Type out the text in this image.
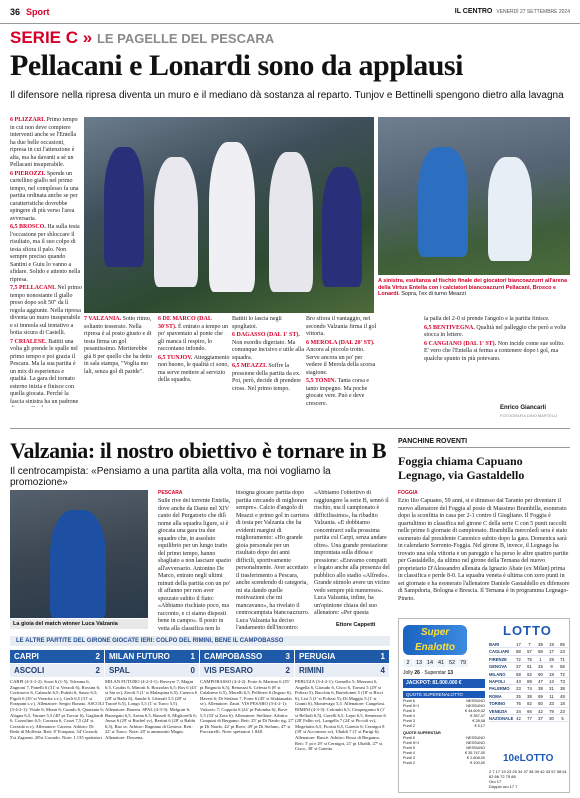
36 Sport	IL CENTRO VENERDÌ 27 SETTEMBRE 2024
SERIE C » LE PAGELLE DEL PESCARA
Pellacani e Lonardi sono da applausi
Il difensore nella ripresa diventa un muro e il mediano dà sostanza al reparto. Tunjov e Bettinelli spengono dietro alla lavagna

6 PLIZZARI. Primo tempo in cui non deve compiere interventi anche se l'Entella ha due belle occasioni, ripresa in cui l'attenzione è alta, ma ha davanti a sé un Pellacani insuperabile.

6 PIEROZZI. Spende un cartellino giallo nel primo tempo, nel complesso fa una partita ordinata anche se per caratteristiche dovrebbe spingere di più verso l'area avversaria.

6,5 BROSCO. Ha sulla testa l'occasione per sbloccare il risultato, ma il suo colpo di testa sfiora il palo. Non sempre preciso quando Santini e Guiu lo vanno a sfidare. Solido e attento nella ripresa.

7,5 PELLACANI. Nel primo tempo nonostante il giallo preso dopo soli 50'' da lì regola aggiunte. Nella ripresa diventa un muro insuperabile e si immola sul tentativo a botta sicura di Castelli.

7 CRIALESE. Battiti una volta gli prende le spalle nel primo tempo e poi grazia il Pescara. Ma la sua partita è un mix di esperienza e qualità. La gara del tornato esterno inizia e finisce con quella giocata. Perché la fascia sinistra ha un padrone

A sinistra, esultanza al fischio finale dei giocatori biancoazzurri all'arena della Virtus Entella con i calciatori biancoazzurri Pellacani, Brosco e Lonardi. Sopra, l'ex di turno Meazzi

7 VALZANIA. Sotto ritmo, soltanto tesserato. Nella ripresa è al posto giusto e di testa firma un gol pesantissimo. Meriterebbe già 8 per quello che ha detto in sala stampa, "Voglia mo lali, senza gol di paride".

6 DE MARCO (DAL 30'ST). È entrato a tempo un po' spaventato al ponte che gli manca il respiro, lo raccontano infondo.

6,5 TUNJOV. Atteggiamento non buono, le qualità ci sono, ma serve mettere al servizio della squadra.

Battiti lo lascia negli spogliatoi.

6 DAGASSO (DAL 1' ST). Non esordio digeriato. Ma comunque incisivo e utile alla squadra.

6,5 MEAZZI. Soffre la pressione della partita da ex. Poi, però, decide di prendere cross. Nel primo tempo.

Bro sfiora il vantaggio, nel secondo Valzania firma il gol vittoria.

6 MEROLA (DAL 20' ST). Ancora al piccolo trotto. Serve ancora un po' per vedere il Merola della scorsa stagione.

5,5 TONIN. Tanta corsa e tanto impegno. Ma poche giocate vere. Può e deve crescere.

la palla del 2-0 si prende l'angolo e la partita finisce.

6,5 BENTIVEGNA. Qualità nel palleggio che però a volte stocca in lettere.

6 CANGIANO (DAL 1' ST). Non incide come sue solito. E' vero che l'Entella si ferma a contenere dopo i gol, ma qualche spunto in più potevano.

Enrico Giancarli
FOTOGRAFIA DINO MARTELLI
Valzania: il nostro obiettivo è tornare in B
Il centrocampista: «Pensiamo a una partita alla volta, ma noi vogliamo la promozione»
La gioia del match winner Luca Valzania
PESCARA
Sulle rive del torrente Entella, dove anche da Dante nel XIV canto del Purgatorio che dilì nome alla squadra ligure, si è giocata una gara tra due squadre che, in assoluto equilibrio per un lungo tratto del primo tempo, hanno sbagliato a non lasciare spazio all'avversario. Antonino De Marco, entrato negli ultimi minuti della partita con un po' di affanno per non aver spezzato subito il fiato: «Abbiamo rischiato poco, ma racconto, e ci siamo disposti bene in campo». Il posto in vetta alla classifica non lo
bisogna giocare partita dopo partita cercando di migliorare sempre». Calcio d'angolo di Meazzi e primo gol in carriera di testa per Valzania che ha evidenti margini di miglioramento: «Ho grande gioia personale per un risultato dopo dei anni difficili, sportivamente personalmente. Aver accettato il trasferimento a Pescara, anche scendendo di categoria, mi sta dando quelle motivazioni che mi mancavano», ha rivelato il centrocampista biancoazzurro. Luca Valzania ha deciso l'andamento dell'incontro:
«Abbiamo l'obiettivo di raggiungere la serie B, sennò il rischio, ma il campionato è difficilissimo», ha ribadito Valzania. «E dobbiamo concentrarci sulla prossima partita col Carpi, senza andare oltre». Una grande prestazione improntata sulla difesa e pressione: «Eravamo compatti e legato anche alla presenza del pubblico allo stadio «Alfredo». Grande stimolo avere un vicino vedo sempre più numeroso». Luca Valzania, infine, ha un'opinione chiara del suo allenatore: «Per questa
Ettore Cappetti
PANCHINE ROVENTI
Foggia chiama Capuano Legnago, via Gastaldello
FOGGIA
Ezio Ilio Capuano, 59 anni, si è dimesso dal Taranto per diventare il nuovo allenatore del Foggia al posto di Massimo Brambilla, esonerato dopo la sconfitta in casa per 2-1 contro il Giugliano. Il Foggia è quartultimo in classifica nel girone C della serie C con 5 punti raccolti nelle prime 6 giornate di campionato. Brambilla mercoledì sera è stato esonerato dal presidente Canonico subito dopo la gara. Domenica sarà in calendario Sorrento-Foggia. Nel girone B, invece, il Legnago ha trovato una sola vittoria e un pareggio e ha perso le altre quattro partite per Gastaldello, da ultimo nel girone della Ternana del nuovo proprietario D'Alessandro allenata da Ignazio Abate (ex Milan) prima in classifica e perde 8-0. La squadra veneta è ultima con zero punti in sei giornate e ha esonerato l'allenatore Daniele Gastaldello ex difensore di Sampdoria, Bologna e Brescia. Il Ternana è in programma Legnago-Pineto.
LE ALTRE PARTITE DEL GIRONE GIOCATE IERI: COLPO DEL RIMINI, BENE IL CAMPOBASSO
CARPI	2
ASCOLI	2
CARPI (4-3-1-2): Sorzi 6 (1-5), Tcheuna 6, Zagnoni 7, Panelli 6 (31' st Vezzoli 6), Rossini 6; Cortinovis 6, Calanchi 6,5; Puletti 6; Sauro 6,5; Figoli 6 (35' st Veracka s.v.), Gerli 6,5 (31' st Forapani s.v.). Allenatore: Sergio Bonato. ASCOLI (3-4-2-1): Vitale 6; Monti 6; Curado 6, Quaranta 6; Alagna 6,5, Varone 5,5 (40' pt Tavcar 6), Gagliardi 6, Cozzolino 6,5; Corazza 6, Cozzi 7,5 (24' st Corrado n.v). Allenatore: Carrera. Arbitro: Di Reda di Molfetta. Reti: 8' Forapani, 34' Cozzoli, 5'st Zagnoni, 28'st Corrado. Note: 1.135 spettatori.
MILAN FUTURO	1
SPAL	0
MILAN FUTURO (4-2-3-1): Raveyre 7; Magni 6.5, Coubis 6, Minotti 6, Bozzolan 6,5; Ros 6 (43' st Sia sv), Zeroli 5 (1' st Malaspina 6,5), Cuenca 6 (28' st Rafia 6), Sandri 6. Liberali 5,5 (28' st Traoré 6,5), Longo 5,5 (1' st Turco 5.5). Allenatore: Bonera. SPAL (4-3-3): Melgrati 6; Bassegato 6,5, Arena 6,5, Bassoli 6, Migliorelli 6; Awua 6 (29' st Buchel sv), Bertini 6 (28' st Rabbi 6,5), Rao sv. Arbitro: Ragnano di Genova. Reti: 22' st Turco. Note: 28' st ammonito Magni. Allenatore: Dossena.
CAMPOBASSO	3
VIS PESARO	2
CAMPOBASSO (4-4-2): Forte 6; Martino 6 (35' pt Brignola 6,5), Benassai 6, Celesia 6 (8' st Calabrese 6,5), Morelli 6,5, Pellitteri 6 (Ingrao 6), Haveri 6; Di Stefano 7, Forte 6 (45' st Sfakianakis sv). Allenatore: Zauri. VIS PESARO (3-4-2-1): Vukovic 7; Coppola 6 (24' pt Palomba 6), Bove 5,5 (33' st Zoia 6). Allenatore: Stellone. Arbitro: Cinquini di Bergamo. Reti: 25' pt Di Nardo rig, 27' pt Di Nardo, 42' pt Bove, 49' pt Di Stefano, 47' st Pucciarelli. Note: spettatori 1.848.
PERUGIA	1
RIMINI	4
PERUGIA (3-4-2-1): Gemello 5; Mezzoni 6, Angella 6, Giraudo 6, Cisco 6, Torrasi 5 (29' st Polizzi 5), Bacchin 6, Bartolomei 5 (18' st Ricci 6), Lisi 5 (1' st Polizzi 5); Di Maggio 5 (1' st Giunti 6), Montevago 5,5. Allenatore: Cangelosi. RIMINI (4-3-3): Colombi 6,5; Cinquegrano 6 (1' st Bellodi 6,5), Gorelli 6,5, Lepri 6,5, Semeraro 6 (28' Falbo sv), Langella 7 (24' st Piccoli sv), Megelaitis 6,5, Fiorini 6,5, Garetto 6; Cernigoi 8 (39' st Accornero sv), Ubaldi 7 (1' st Parigi 6). Allenatore: Buscè. Arbitro: Rossi di Bergamo. Reti: 5' pt e 29' st Cernigoi, 21' pt Ubaldi, 27' st Cisco, 38' st Garetto.
Super Enalotto
LOTTO
2	13 14 41 52 79
Jolly 26 · Superstar 13
JACKPOT: 81.000.000 €
QUOTE SUPERENALOTTO
Punti 6	NESSUNO
Punti 5+1	NESSUNO
Punti 5	€ 44.609,42
Punti 4	€ 357,47
Punti 3	€ 28,08
Punti 2	€ 5,17
QUOTE SUPERSTAR
Punti 6	NESSUNO
Punti 5+1	NESSUNO
Punti 5	NESSUNO
Punti 4	€ 35.747,00
Punti 3	€ 2.808,00
Punti 2	€ 100,00
BARI	17	7	39	19	85
CAGLIARI	88	57	68	17	23
FIRENZE	72	75	1	29	71
GENOVA	37	61	25	9	56
MILANO	58	62	90	18	72
NAPOLI	43	89	47	13	73
PALERMO	23	74	38	31	38
ROMA	25	38	69	11	48
TORINO	76	82	50	33	18
VENEZIA	34	66	42	79	23
NAZIONALE 42	77	37	30	5
10eLOTTO
2 7 17 19 23 25 34 37 38 39 42 43 57 58 61 62 66 72 75 88
Oro 17
Doppio oro 17 7
